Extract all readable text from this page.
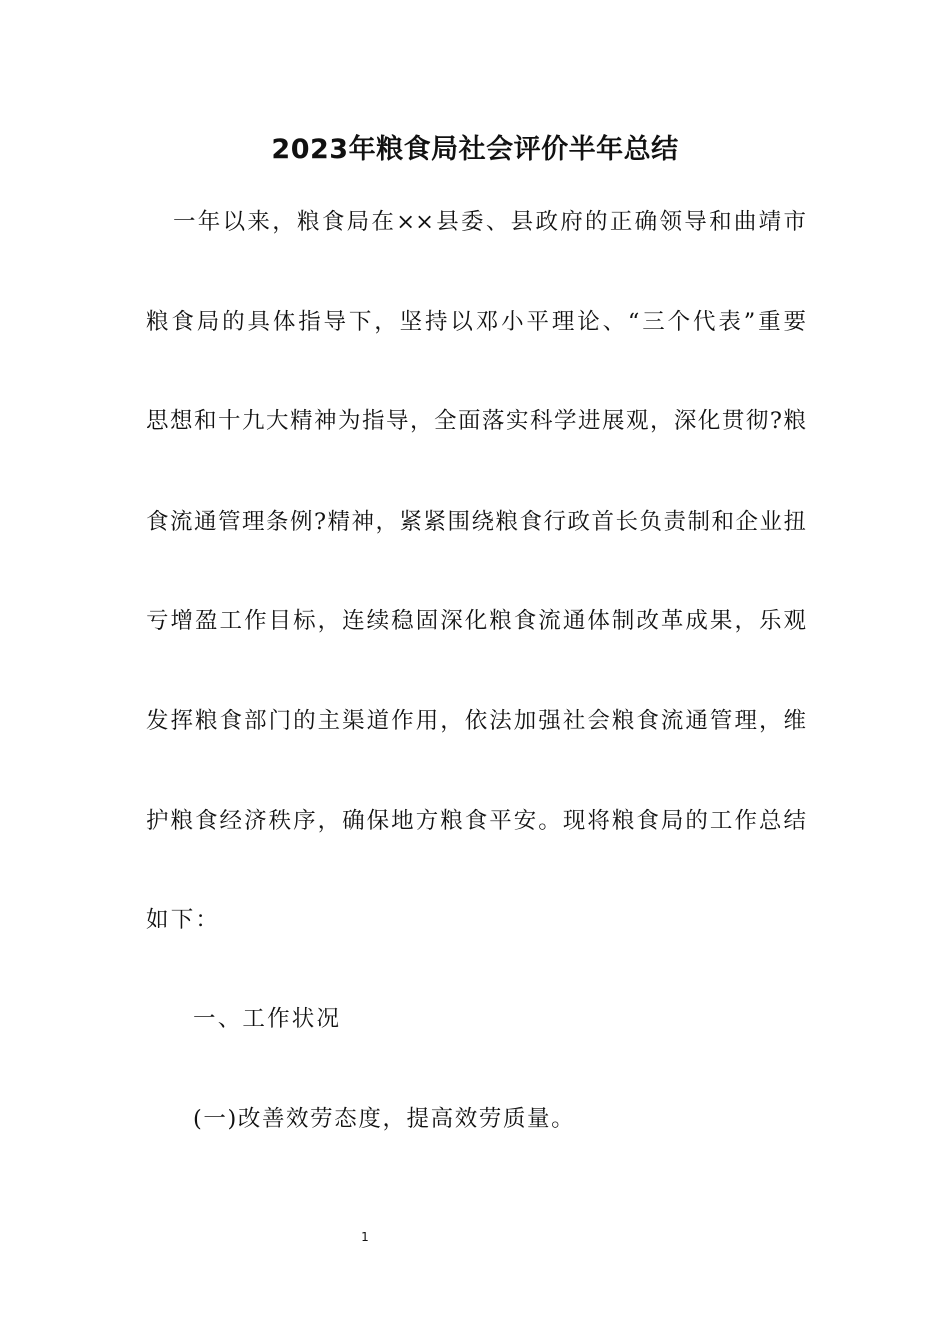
2023年粮食局社会评价半年总结
一年以来，粮食局在××县委、县政府的正确领导和曲靖市
粮食局的具体指导下，坚持以邓小平理论、“三个代表”重要
思想和十九大精神为指导，全面落实科学进展观，深化贯彻?粮
食流通管理条例?精神，紧紧围绕粮食行政首长负责制和企业扭
亏增盈工作目标，连续稳固深化粮食流通体制改革成果，乐观
发挥粮食部门的主渠道作用，依法加强社会粮食流通管理，维
护粮食经济秩序，确保地方粮食平安。现将粮食局的工作总结
如下：
一、工作状况
(一)改善效劳态度，提高效劳质量。
1
